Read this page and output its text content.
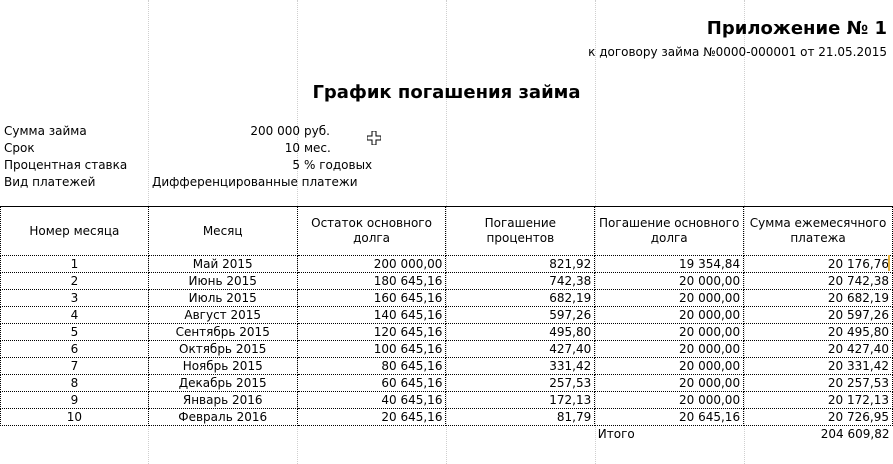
Приложение № 1
к договору займа №0000-000001 от 21.05.2015
График погашения займа
Сумма займа	200 000 руб.
Срок	10 мес.
Процентная ставка	5 % годовых
Вид платежей	Дифференцированные платежи
Номер месяца	Месяц	Остаток основного долга	Погашение процентов	Погашение основного долга	Сумма ежемесячного платежа
1	Май 2015	200 000,00	821,92	19 354,84	20 176,76
2	Июнь 2015	180 645,16	742,38	20 000,00	20 742,38
3	Июль 2015	160 645,16	682,19	20 000,00	20 682,19
4	Август 2015	140 645,16	597,26	20 000,00	20 597,26
5	Сентябрь 2015	120 645,16	495,80	20 000,00	20 495,80
6	Октябрь 2015	100 645,16	427,40	20 000,00	20 427,40
7	Ноябрь 2015	80 645,16	331,42	20 000,00	20 331,42
8	Декабрь 2015	60 645,16	257,53	20 000,00	20 257,53
9	Январь 2016	40 645,16	172,13	20 000,00	20 172,13
10	Февраль 2016	20 645,16	81,79	20 645,16	20 726,95
				Итого	204 609,82
